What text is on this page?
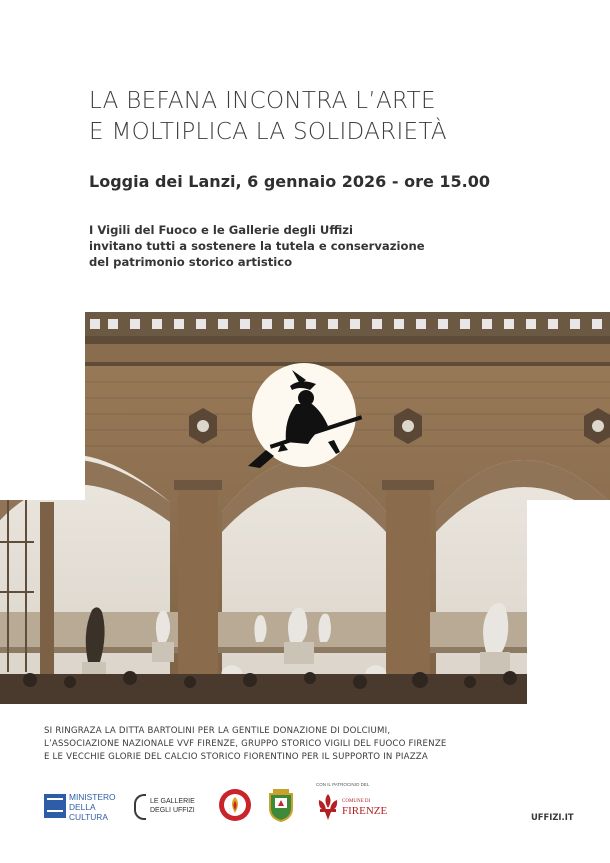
LA BEFANA INCONTRA L’ARTE
E MOLTIPLICA LA SOLIDARIETÀ
Loggia dei Lanzi, 6 gennaio 2026 - ore 15.00
I Vigili del Fuoco e le Gallerie degli Uffizi
invitano tutti a sostenere la tutela e conservazione
del patrimonio storico artistico
SI RINGRAZA LA DITTA BARTOLINI PER LA GENTILE DONAZIONE DI DOLCIUMI,
L’ASSOCIAZIONE NAZIONALE VVF FIRENZE, GRUPPO STORICO VIGILI DEL FUOCO FIRENZE
E LE VECCHIE GLORIE DEL CALCIO STORICO FIORENTINO PER IL SUPPORTO IN PIAZZA
MINISTERO
DELLA
CULTURA
LE GALLERIE
DEGLI UFFIZI
CON IL PATROCINIO DEL
COMUNE DI
FIRENZE	UFFIZI.IT
